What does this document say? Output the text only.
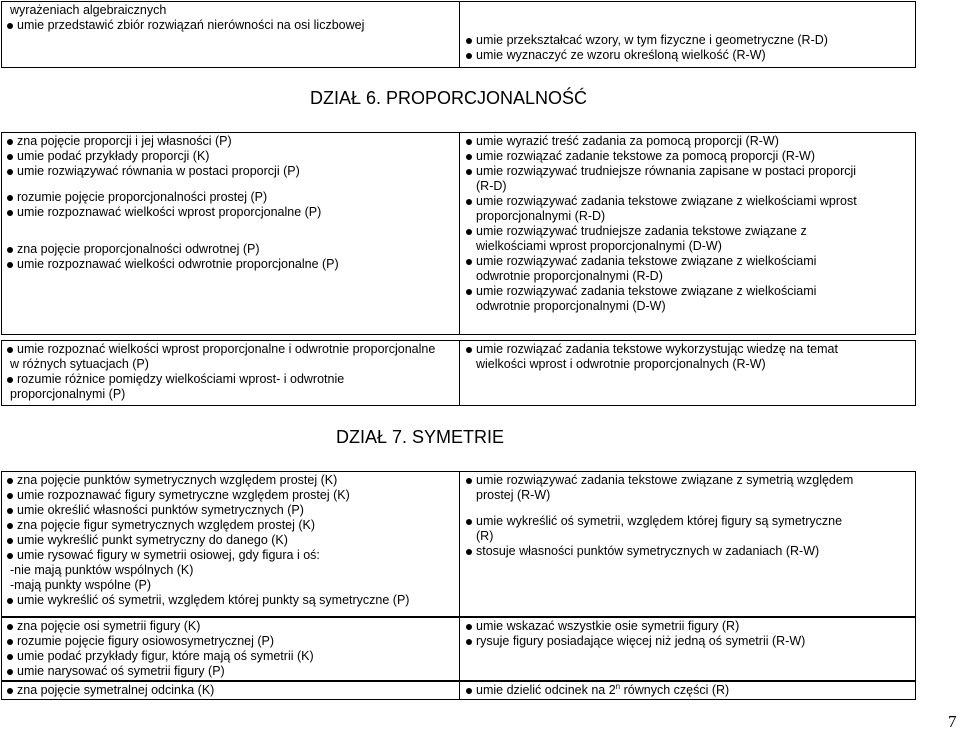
wyrażeniach algebraicznych
umie przedstawić zbiór rozwiązań nierówności na osi liczbowej
umie przekształcać wzory, w tym fizyczne i geometryczne (R-D)
umie wyznaczyć ze wzoru określoną wielkość (R-W)
DZIAŁ 6. PROPORCJONALNOŚĆ
zna pojęcie proporcji i jej własności (P)
umie podać przykłady proporcji (K)
umie rozwiązywać równania w postaci proporcji (P)
rozumie pojęcie proporcjonalności prostej (P)
umie rozpoznawać wielkości wprost proporcjonalne (P)
zna pojęcie proporcjonalności odwrotnej (P)
umie rozpoznawać wielkości odwrotnie proporcjonalne (P)
umie wyrazić treść zadania za pomocą proporcji (R-W)
umie rozwiązać zadanie tekstowe za pomocą proporcji (R-W)
umie rozwiązywać trudniejsze równania zapisane w postaci proporcji
(R-D)
umie rozwiązywać zadania tekstowe związane z wielkościami wprost
proporcjonalnymi (R-D)
umie rozwiązywać trudniejsze zadania tekstowe związane z
wielkościami wprost proporcjonalnymi (D-W)
umie rozwiązywać zadania tekstowe związane z wielkościami
odwrotnie proporcjonalnymi (R-D)
umie rozwiązywać zadania tekstowe związane z wielkościami
odwrotnie proporcjonalnymi (D-W)
umie rozpoznać wielkości wprost proporcjonalne i odwrotnie proporcjonalne
w różnych sytuacjach (P)
rozumie różnice pomiędzy wielkościami wprost- i odwrotnie
proporcjonalnymi (P)
umie rozwiązać zadania tekstowe wykorzystując wiedzę na temat
wielkości wprost i odwrotnie proporcjonalnych (R-W)
DZIAŁ 7. SYMETRIE
zna pojęcie punktów symetrycznych względem prostej (K)
umie rozpoznawać figury symetryczne względem prostej (K)
umie określić własności punktów symetrycznych (P)
zna pojęcie figur symetrycznych względem prostej (K)
umie wykreślić punkt symetryczny do danego (K)
umie rysować figury w symetrii osiowej, gdy figura i oś:
-nie mają punktów wspólnych (K)
-mają punkty wspólne (P)
umie wykreślić oś symetrii, względem której punkty są symetryczne (P)
umie rozwiązywać zadania tekstowe związane z symetrią względem
prostej (R-W)
umie wykreślić oś symetrii, względem której figury są symetryczne
(R)
stosuje własności punktów symetrycznych w zadaniach (R-W)
zna pojęcie osi symetrii figury (K)
rozumie pojęcie figury osiowosymetrycznej (P)
umie podać przykłady figur, które mają oś symetrii (K)
umie narysować oś symetrii figury (P)
umie wskazać wszystkie osie symetrii figury (R)
rysuje figury posiadające więcej niż jedną oś symetrii (R-W)
zna pojęcie symetralnej odcinka (K)	umie dzielić odcinek na 2$^n$ równych części (R)
7
